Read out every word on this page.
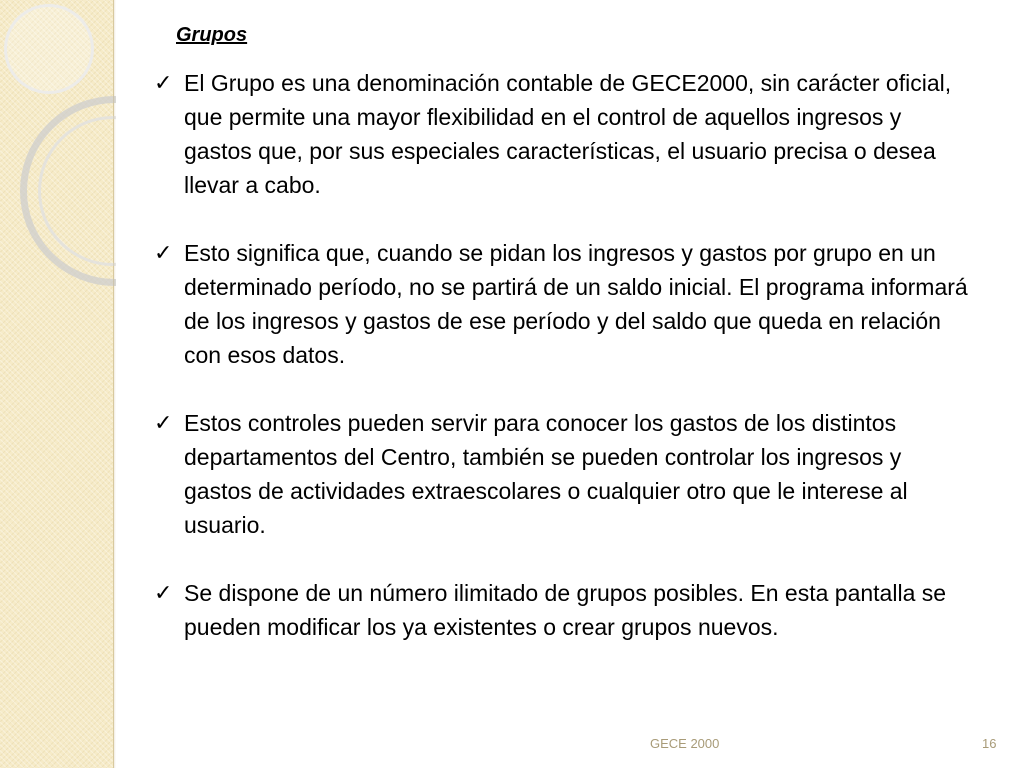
Grupos
✓ El Grupo es una denominación contable de GECE2000, sin carácter oficial, que permite una mayor flexibilidad en el control de aquellos ingresos y gastos que, por sus especiales características, el usuario precisa o desea llevar a cabo.
✓ Esto significa que, cuando se pidan los ingresos y gastos por grupo en un determinado período, no se partirá de un saldo inicial. El programa informará de los ingresos y gastos de ese período y del saldo que queda en relación con esos datos.
✓ Estos controles pueden servir para conocer los gastos de los distintos departamentos del Centro, también se pueden controlar los ingresos y gastos de actividades extraescolares o cualquier otro que le interese al usuario.
✓ Se dispone de un número ilimitado de grupos posibles. En esta pantalla se pueden modificar los ya existentes o crear grupos nuevos.
GECE 2000	16
